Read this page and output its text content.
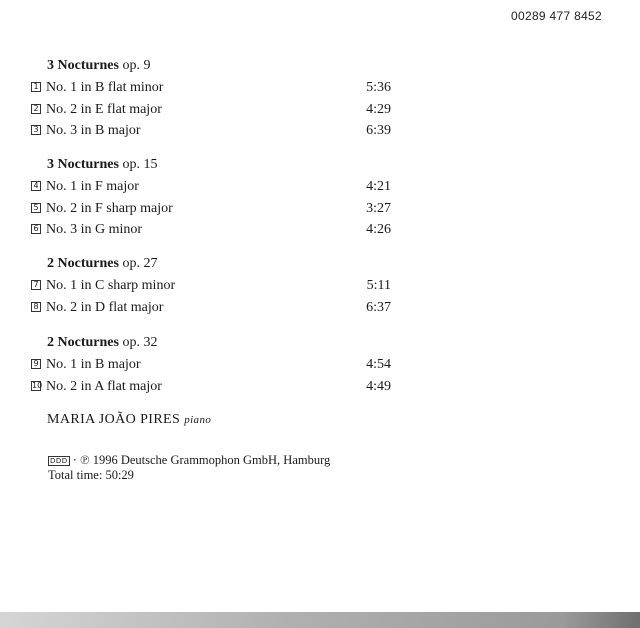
00289 477 8452
3 Nocturnes op. 9
1 No. 1 in B flat minor	5:36
2 No. 2 in E flat major	4:29
3 No. 3 in B major	6:39
3 Nocturnes op. 15
4 No. 1 in F major	4:21
5 No. 2 in F sharp major	3:27
6 No. 3 in G minor	4:26
2 Nocturnes op. 27
7 No. 1 in C sharp minor	5:11
8 No. 2 in D flat major	6:37
2 Nocturnes op. 32
9 No. 1 in B major	4:54
10 No. 2 in A flat major	4:49
MARIA JOÃO PIRES piano
DDD · ℗ 1996 Deutsche Grammophon GmbH, Hamburg
Total time: 50:29
